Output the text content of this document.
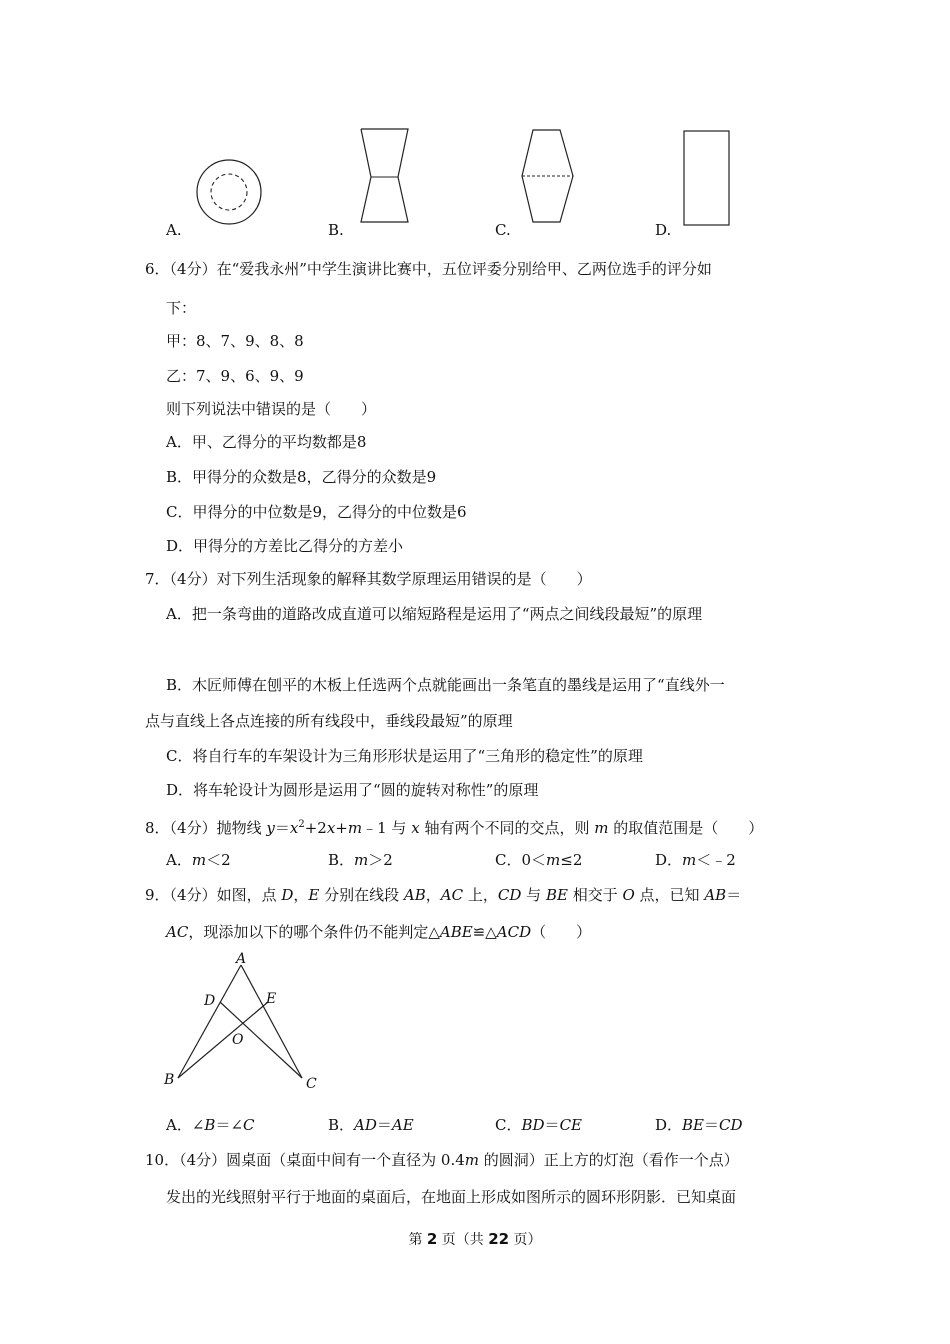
A.	B.	C.	D.
6．（4分）在“爱我永州”中学生演讲比赛中，五位评委分别给甲、乙两位选手的评分如
下：
甲：8、7、9、8、8
乙：7、9、6、9、9
则下列说法中错误的是（　　）
A．甲、乙得分的平均数都是8
B．甲得分的众数是8，乙得分的众数是9
C．甲得分的中位数是9，乙得分的中位数是6
D．甲得分的方差比乙得分的方差小
7．（4分）对下列生活现象的解释其数学原理运用错误的是（　　）
A．把一条弯曲的道路改成直道可以缩短路程是运用了“两点之间线段最短”的原理
B．木匠师傅在刨平的木板上任选两个点就能画出一条笔直的墨线是运用了“直线外一
点与直线上各点连接的所有线段中，垂线段最短”的原理
C．将自行车的车架设计为三角形形状是运用了“三角形的稳定性”的原理
D．将车轮设计为圆形是运用了“圆的旋转对称性”的原理
8．（4分）抛物线 $y=x^2+2x+m﹣1$ 与 x 轴有两个不同的交点，则 m 的取值范围是（　　）
A．m＜2	B．m＞2	C．0＜m≤2	D．m＜﹣2
9．（4分）如图，点 D，E 分别在线段 AB，AC 上，CD 与 BE 相交于 O 点，已知 AB＝
AC，现添加以下的哪个条件仍不能判定△ABE≌△ACD（　　）
A
D	E
O
B	C
A．∠B＝∠C	B．AD＝AE	C．BD＝CE	D．BE＝CD
10．（4分）圆桌面（桌面中间有一个直径为 0.4m 的圆洞）正上方的灯泡（看作一个点）
发出的光线照射平行于地面的桌面后，在地面上形成如图所示的圆环形阴影．已知桌面
第 2 页（共 22 页）
